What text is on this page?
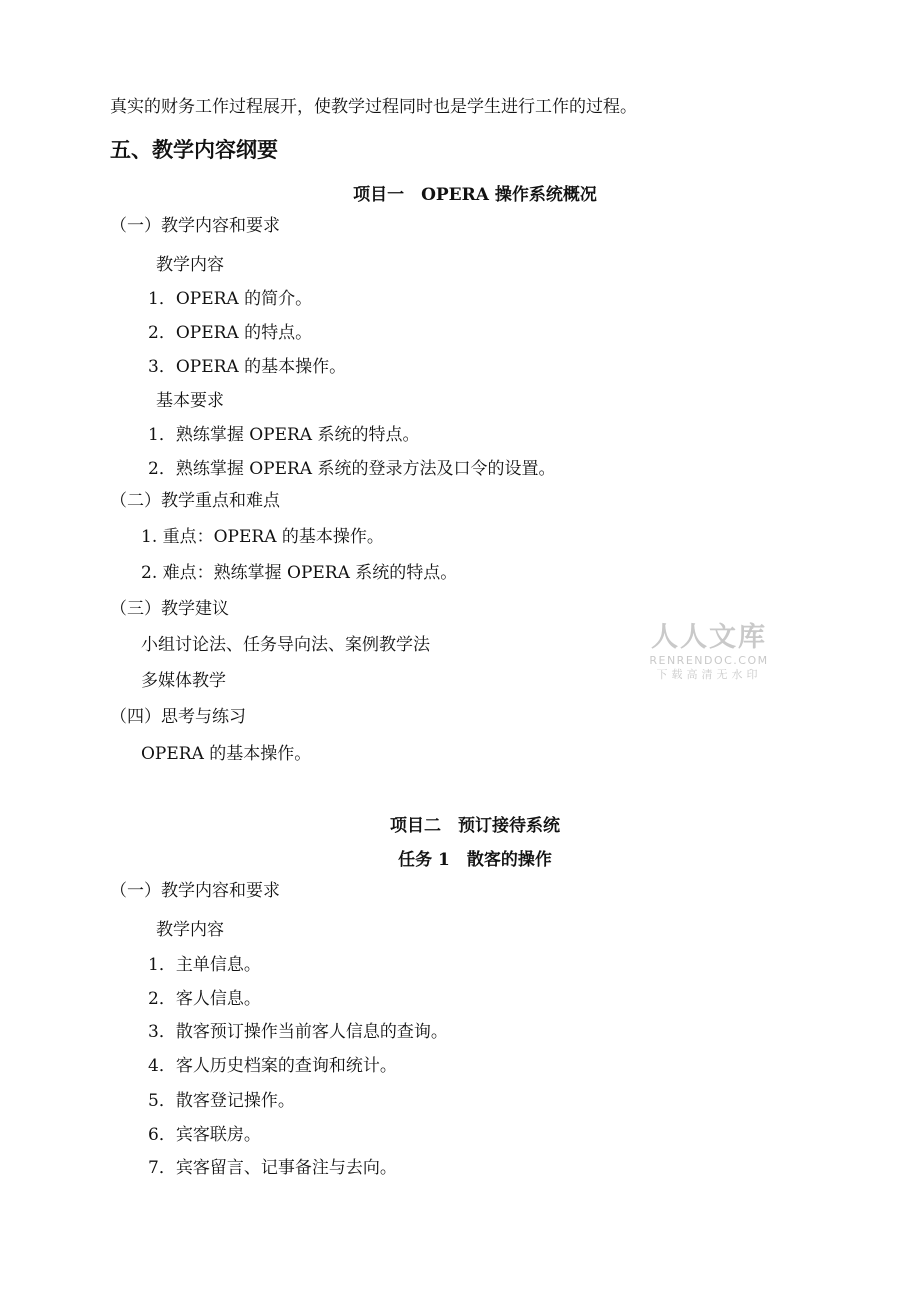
真实的财务工作过程展开，使教学过程同时也是学生进行工作的过程。
五、教学内容纲要
项目一　OPERA 操作系统概况
（一）教学内容和要求
教学内容
1．OPERA 的简介。
2．OPERA 的特点。
3．OPERA 的基本操作。
基本要求
1．熟练掌握 OPERA 系统的特点。
2．熟练掌握 OPERA 系统的登录方法及口令的设置。
（二）教学重点和难点
1. 重点：OPERA 的基本操作。
2. 难点：熟练掌握 OPERA 系统的特点。
（三）教学建议
小组讨论法、任务导向法、案例教学法
多媒体教学
（四）思考与练习
OPERA 的基本操作。
项目二　预订接待系统
任务 1　散客的操作
（一）教学内容和要求
教学内容
1．主单信息。
2．客人信息。
3．散客预订操作当前客人信息的查询。
4．客人历史档案的查询和统计。
5．散客登记操作。
6．宾客联房。
7．宾客留言、记事备注与去向。
人人文库
RENRENDOC.COM
下载高清无水印
